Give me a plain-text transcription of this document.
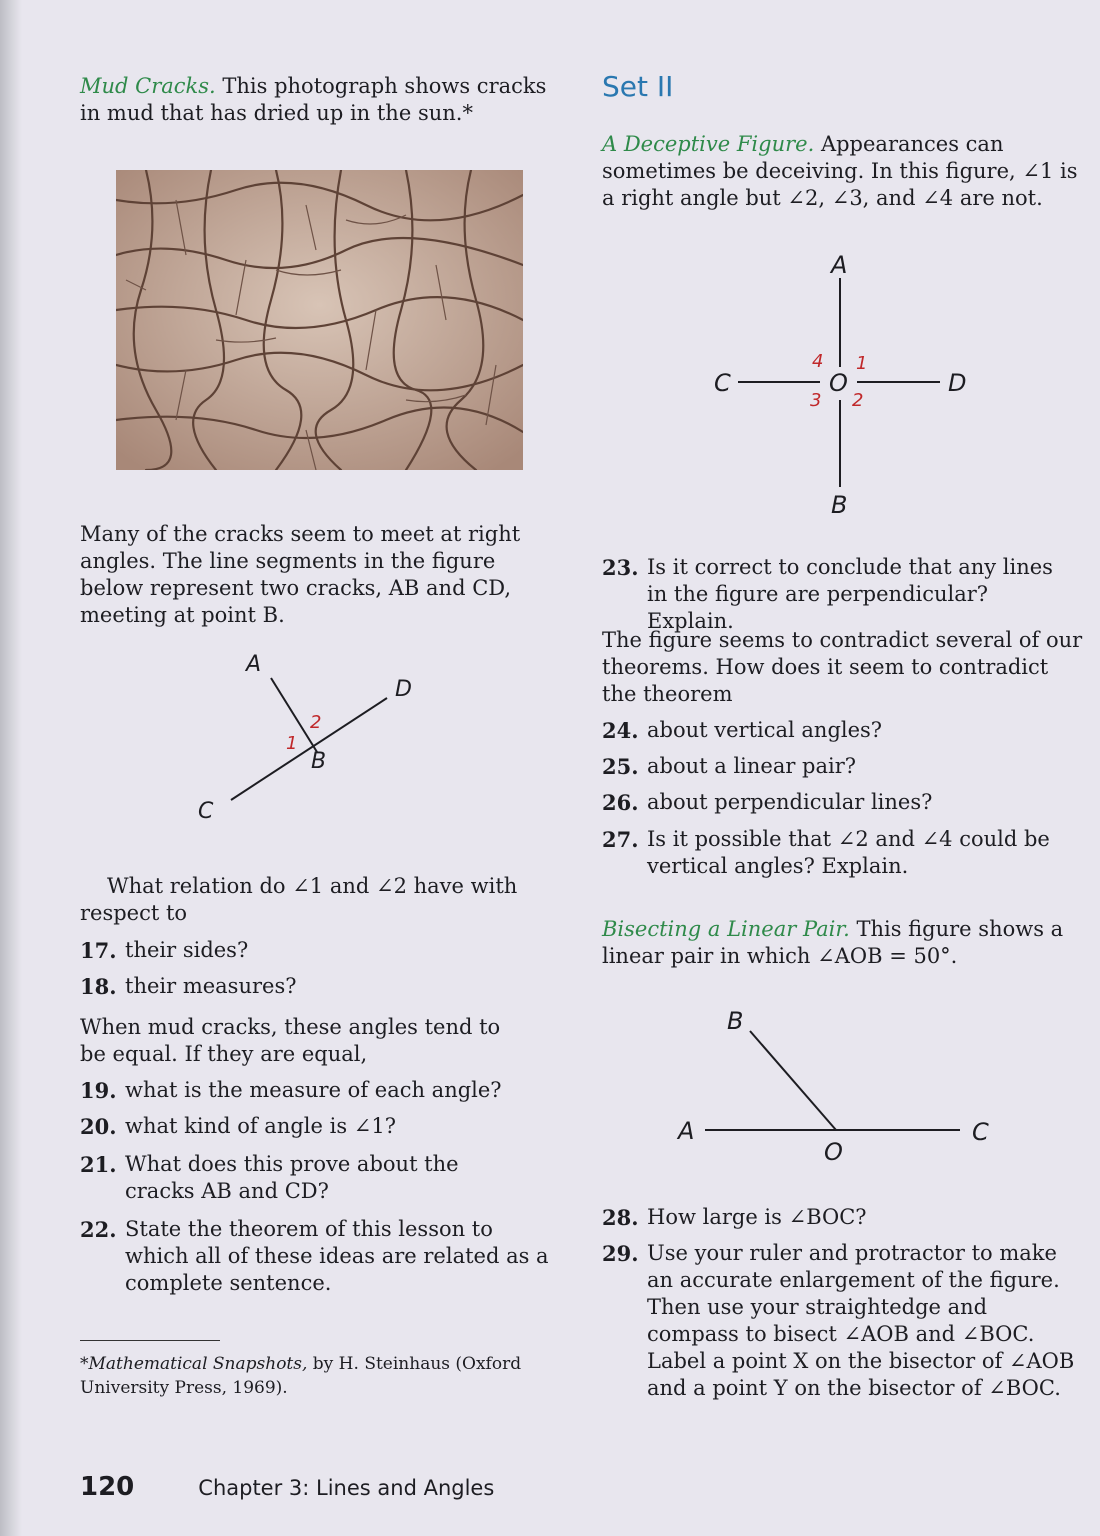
Mud Cracks. This photograph shows cracks in mud that has dried up in the sun.*

Many of the cracks seem to meet at right angles. The line segments in the figure below represent two cracks, AB and CD, meeting at point B.

What relation do ∠1 and ∠2 have with respect to

17. their sides?
18. their measures?

When mud cracks, these angles tend to be equal. If they are equal,

19. what is the measure of each angle?
20. what kind of angle is ∠1?
21. What does this prove about the cracks AB and CD?
22. State the theorem of this lesson to which all of these ideas are related as a complete sentence.

*Mathematical Snapshots, by H. Steinhaus (Oxford University Press, 1969).

A
D
B
C
1
2
Set II

A Deceptive Figure. Appearances can sometimes be deceiving. In this figure, ∠1 is a right angle but ∠2, ∠3, and ∠4 are not.

23. Is it correct to conclude that any lines in the figure are perpendicular? Explain.

The figure seems to contradict several of our theorems. How does it seem to contradict the theorem

24. about vertical angles?
25. about a linear pair?
26. about perpendicular lines?
27. Is it possible that ∠2 and ∠4 could be vertical angles? Explain.

Bisecting a Linear Pair. This figure shows a linear pair in which ∠AOB = 50°.

28. How large is ∠BOC?
29. Use your ruler and protractor to make an accurate enlargement of the figure. Then use your straightedge and compass to bisect ∠AOB and ∠BOC. Label a point X on the bisector of ∠AOB and a point Y on the bisector of ∠BOC.
A
B
C	D
O
1
2
3
4
B
A	C
O
120	Chapter 3: Lines and Angles
